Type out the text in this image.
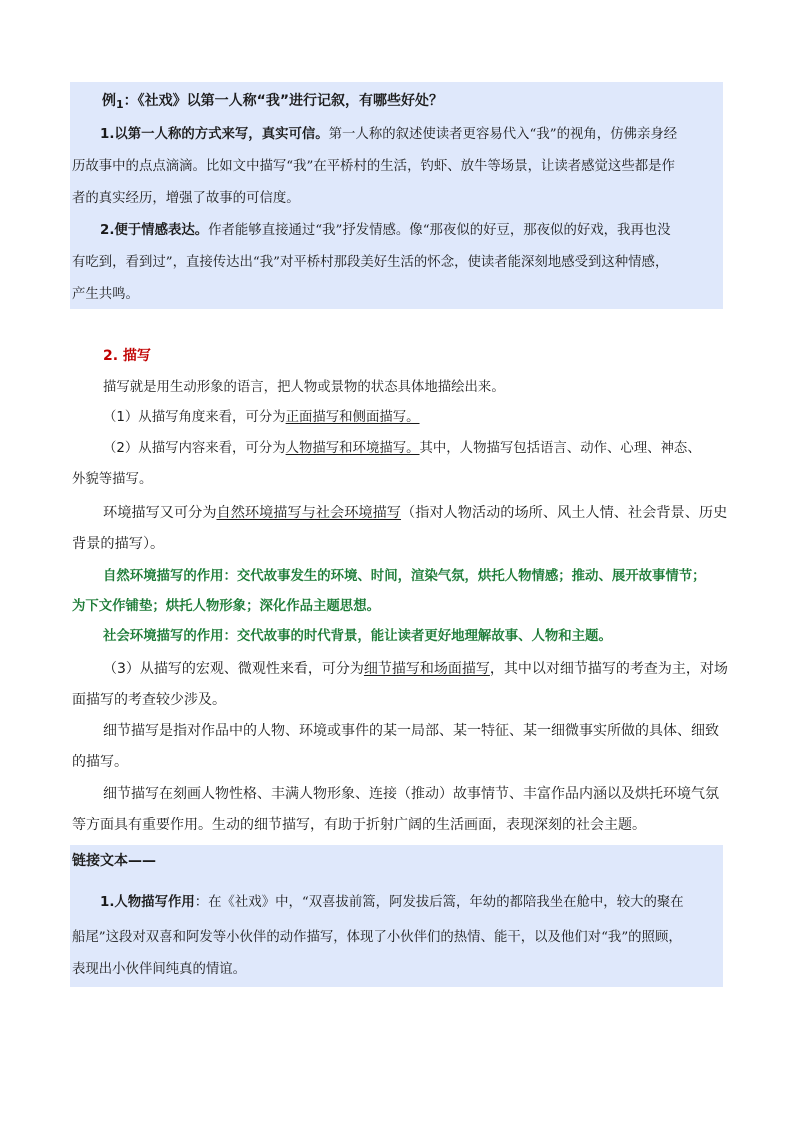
例$_1$：《社戏》以第一人称“我”进行记叙，有哪些好处？
1.以第一人称的方式来写，真实可信。第一人称的叙述使读者更容易代入“我”的视角，仿佛亲身经
历故事中的点点滴滴。比如文中描写“我”在平桥村的生活，钓虾、放牛等场景，让读者感觉这些都是作
者的真实经历，增强了故事的可信度。
2.便于情感表达。作者能够直接通过“我”抒发情感。像“那夜似的好豆，那夜似的好戏，我再也没
有吃到，看到过”，直接传达出“我”对平桥村那段美好生活的怀念，使读者能深刻地感受到这种情感，
产生共鸣。
2. 描写
描写就是用生动形象的语言，把人物或景物的状态具体地描绘出来。
（1）从描写角度来看，可分为正面描写和侧面描写。
（2）从描写内容来看，可分为人物描写和环境描写。其中，人物描写包括语言、动作、心理、神态、
外貌等描写。
环境描写又可分为自然环境描写与社会环境描写（指对人物活动的场所、风土人情、社会背景、历史
背景的描写）。
自然环境描写的作用：交代故事发生的环境、时间，渲染气氛，烘托人物情感；推动、展开故事情节；
为下文作铺垫；烘托人物形象；深化作品主题思想。
社会环境描写的作用：交代故事的时代背景，能让读者更好地理解故事、人物和主题。
（3）从描写的宏观、微观性来看，可分为细节描写和场面描写，其中以对细节描写的考查为主，对场
面描写的考查较少涉及。
细节描写是指对作品中的人物、环境或事件的某一局部、某一特征、某一细微事实所做的具体、细致
的描写。
细节描写在刻画人物性格、丰满人物形象、连接（推动）故事情节、丰富作品内涵以及烘托环境气氛
等方面具有重要作用。生动的细节描写，有助于折射广阔的生活画面，表现深刻的社会主题。
链接文本——
1.人物描写作用：在《社戏》中，“双喜拔前篙，阿发拔后篙，年幼的都陪我坐在舱中，较大的聚在
船尾”这段对双喜和阿发等小伙伴的动作描写，体现了小伙伴们的热情、能干，以及他们对“我”的照顾，
表现出小伙伴间纯真的情谊。
